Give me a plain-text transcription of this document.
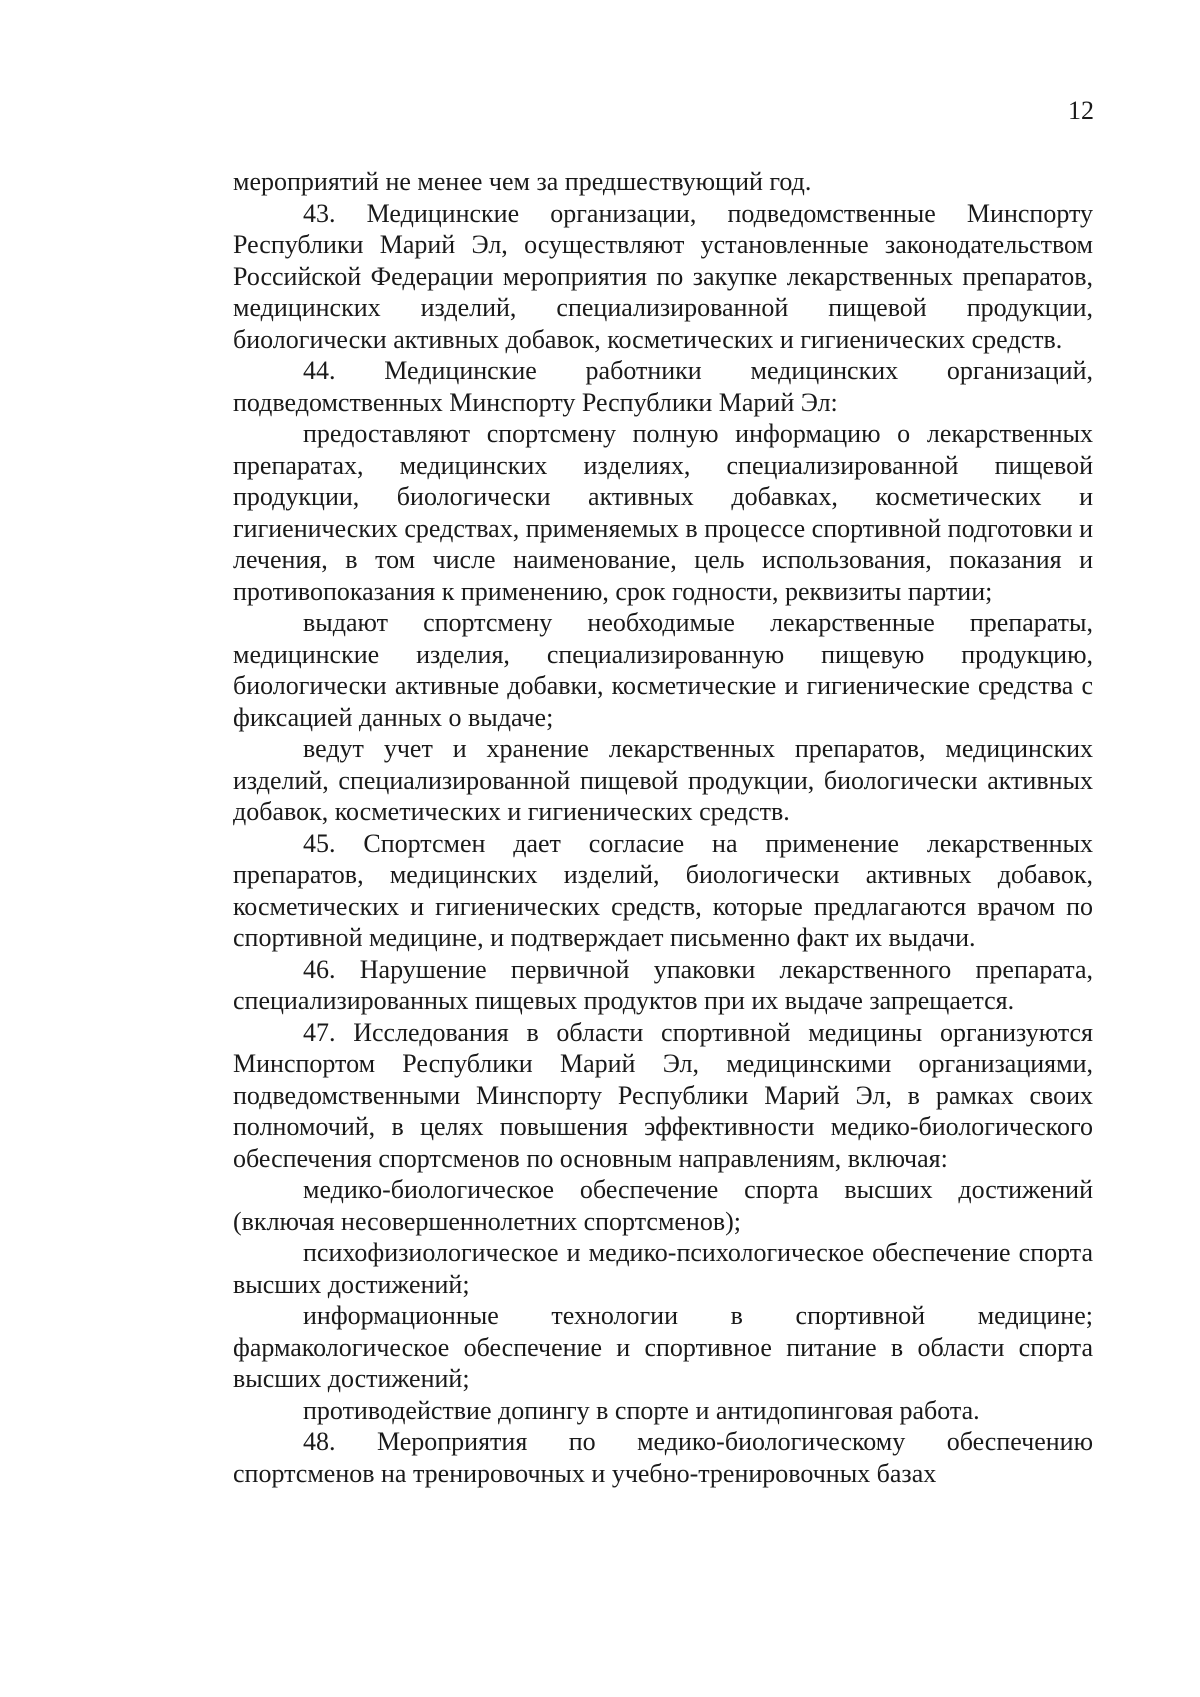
12

мероприятий не менее чем за предшествующий год.

43. Медицинские организации, подведомственные Минспорту Республики Марий Эл, осуществляют установленные законодательством Российской Федерации мероприятия по закупке лекарственных препаратов, медицинских изделий, специализированной пищевой продукции, биологически активных добавок, косметических и гигиенических средств.

44. Медицинские работники медицинских организаций, подведомственных Минспорту Республики Марий Эл:

предоставляют спортсмену полную информацию о лекарственных препаратах, медицинских изделиях, специализированной пищевой продукции, биологически активных добавках, косметических и гигиенических средствах, применяемых в процессе спортивной подготовки и лечения, в том числе наименование, цель использования, показания и противопоказания к применению, срок годности, реквизиты партии;

выдают спортсмену необходимые лекарственные препараты, медицинские изделия, специализированную пищевую продукцию, биологически активные добавки, косметические и гигиенические средства с фиксацией данных о выдаче;

ведут учет и хранение лекарственных препаратов, медицинских изделий, специализированной пищевой продукции, биологически активных добавок, косметических и гигиенических средств.

45. Спортсмен дает согласие на применение лекарственных препаратов, медицинских изделий, биологически активных добавок, косметических и гигиенических средств, которые предлагаются врачом по спортивной медицине, и подтверждает письменно факт их выдачи.

46. Нарушение первичной упаковки лекарственного препарата, специализированных пищевых продуктов при их выдаче запрещается.

47. Исследования в области спортивной медицины организуются Минспортом Республики Марий Эл, медицинскими организациями, подведомственными Минспорту Республики Марий Эл, в рамках своих полномочий, в целях повышения эффективности медико-биологического обеспечения спортсменов по основным направлениям, включая:

медико-биологическое обеспечение спорта высших достижений (включая несовершеннолетних спортсменов);

психофизиологическое и медико-психологическое обеспечение спорта высших достижений;

информационные технологии в спортивной медицине; фармакологическое обеспечение и спортивное питание в области спорта высших достижений;

противодействие допингу в спорте и антидопинговая работа.

48. Мероприятия по медико-биологическому обеспечению спортсменов на тренировочных и учебно-тренировочных базах
